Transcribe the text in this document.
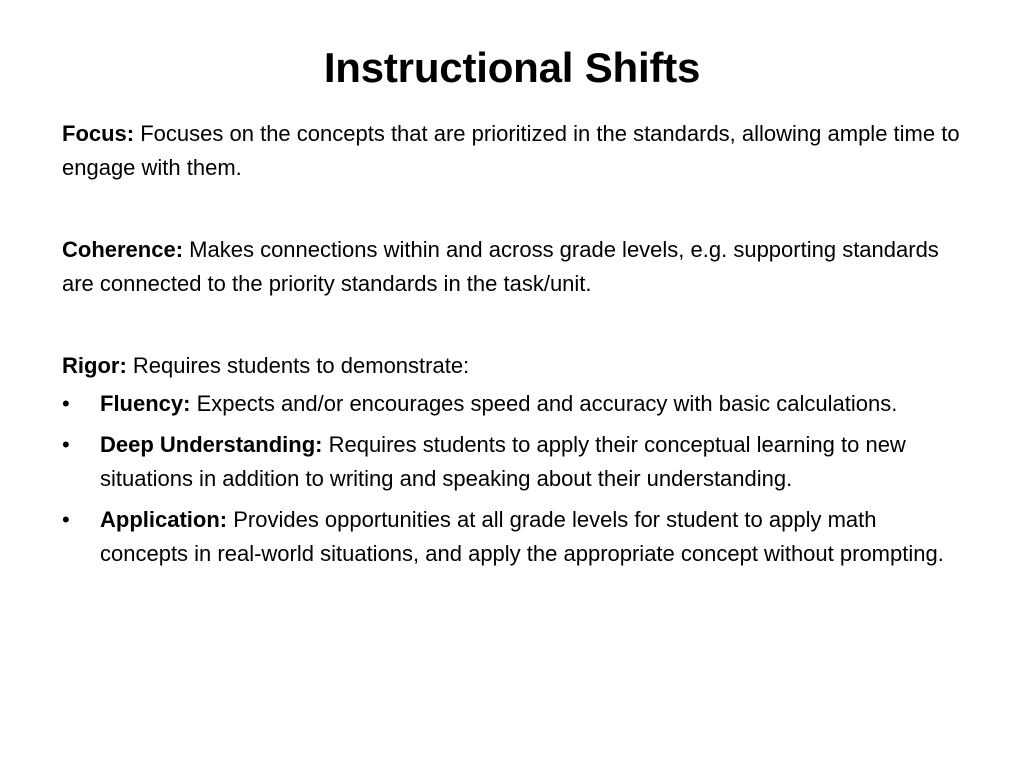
Instructional Shifts

Focus: Focuses on the concepts that are prioritized in the standards, allowing ample time to engage with them.

Coherence: Makes connections within and across grade levels, e.g. supporting standards are connected to the priority standards in the task/unit.

Rigor: Requires students to demonstrate:

• Fluency: Expects and/or encourages speed and accuracy with basic calculations.
• Deep Understanding: Requires students to apply their conceptual learning to new situations in addition to writing and speaking about their understanding.
• Application: Provides opportunities at all grade levels for student to apply math concepts in real-world situations, and apply the appropriate concept without prompting.
